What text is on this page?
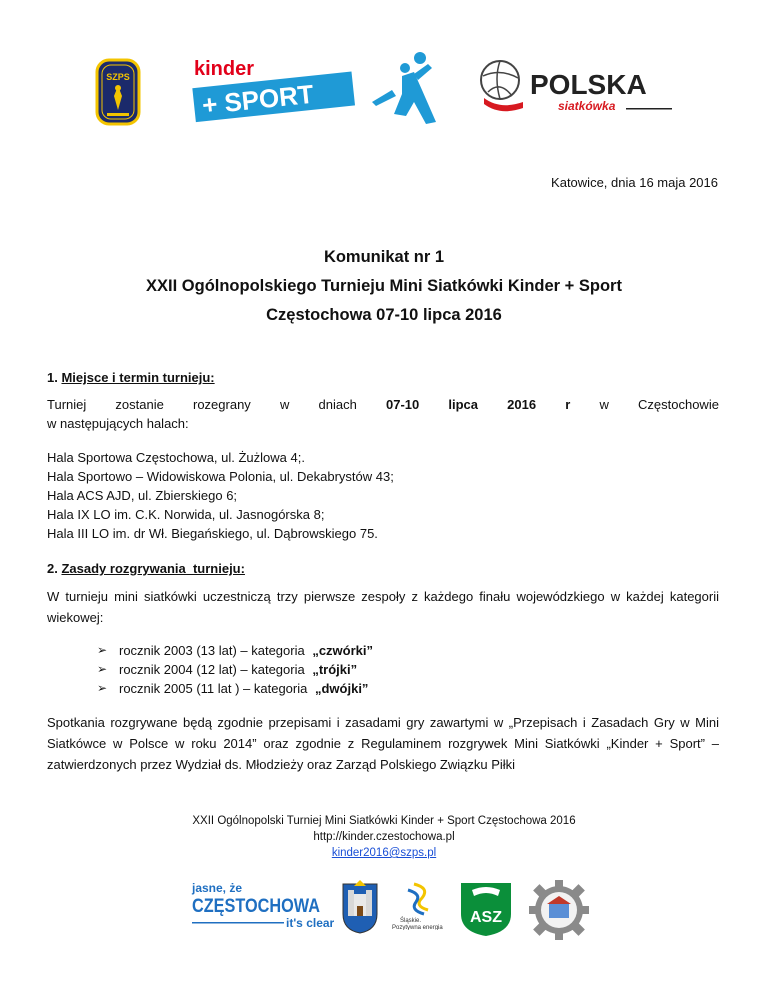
SZPS	kinder
+ SPORT	POLSKA
siatkówka
Katowice, dnia 16 maja 2016
Komunikat nr 1
XXII Ogólnopolskiego Turnieju Mini Siatkówki Kinder + Sport
Częstochowa 07-10 lipca 2016
1. Miejsce i termin turnieju:
Turniej zostanie rozegrany w dniach 07-10 lipca 2016 r w Częstochowie
w następujących halach:
Hala Sportowa Częstochowa, ul. Żużlowa 4;.
Hala Sportowo – Widowiskowa Polonia, ul. Dekabrystów 43;
Hala ACS AJD, ul. Zbierskiego 6;
Hala IX LO im. C.K. Norwida, ul. Jasnogórska 8;
Hala III LO im. dr Wł. Biegańskiego, ul. Dąbrowskiego 75.
2. Zasady rozgrywania  turnieju:
W turnieju mini siatkówki uczestniczą trzy pierwsze zespoły z każdego finału wojewódzkiego w każdej kategorii wiekowej:
➢ rocznik 2003 (13 lat) – kategoria „czwórki”
➢ rocznik 2004 (12 lat) – kategoria „trójki”
➢ rocznik 2005 (11 lat ) – kategoria „dwójki”
Spotkania rozgrywane będą zgodnie przepisami i zasadami gry zawartymi w „Przepisach i Zasadach Gry w Mini Siatkówce w Polsce w roku 2014” oraz zgodnie z Regulaminem rozgrywek Mini Siatkówki „Kinder + Sport” – zatwierdzonych przez Wydział ds. Młodzieży oraz Zarząd Polskiego Związku Piłki
XXII Ogólnopolski Turniej Mini Siatkówki Kinder + Sport Częstochowa 2016
http://kinder.czestochowa.pl
kinder2016@szps.pl
jasne, że
CZĘSTOCHOWA
it's clear	Śląskie.
Pozytywna energia
ASZ
